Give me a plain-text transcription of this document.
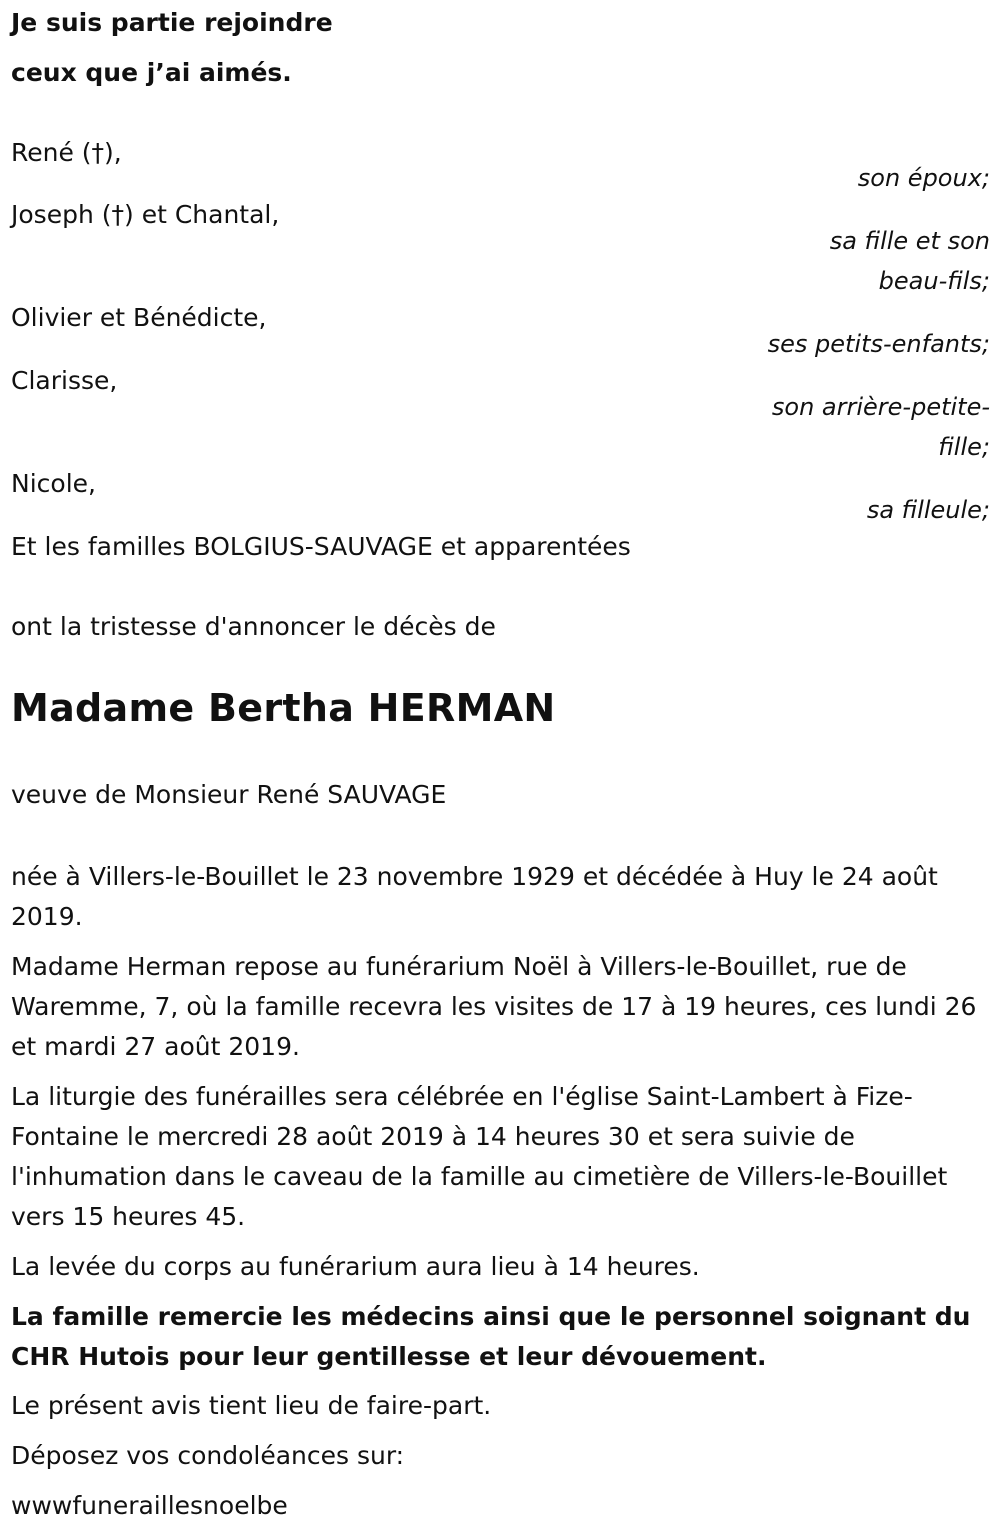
Je suis partie rejoindre

ceux que j’ai aimés.

René (†),

son époux;

Joseph (†) et Chantal,

sa fille et son

beau-fils;

Olivier et Bénédicte,

ses petits-enfants;

Clarisse,

son arrière-petite-

fille;

Nicole,

sa filleule;

Et les familles BOLGIUS-SAUVAGE et apparentées

ont la tristesse d'annoncer le décès de

Madame Bertha HERMAN

veuve de Monsieur René SAUVAGE

née à Villers-le-Bouillet le 23 novembre 1929 et décédée à Huy le 24 août 2019.

Madame Herman repose au funérarium Noël à Villers-le-Bouillet, rue de Waremme, 7, où la famille recevra les visites de 17 à 19 heures, ces lundi 26 et mardi 27 août 2019.

La liturgie des funérailles sera célébrée en l'église Saint-Lambert à Fize-Fontaine le mercredi 28 août 2019 à 14 heures 30 et sera suivie de l'inhumation dans le caveau de la famille au cimetière de Villers-le-Bouillet vers 15 heures 45.

La levée du corps au funérarium aura lieu à 14 heures.

La famille remercie les médecins ainsi que le personnel soignant du CHR Hutois pour leur gentillesse et leur dévouement.

Le présent avis tient lieu de faire-part.

Déposez vos condoléances sur:

wwwfuneraillesnoelbe
